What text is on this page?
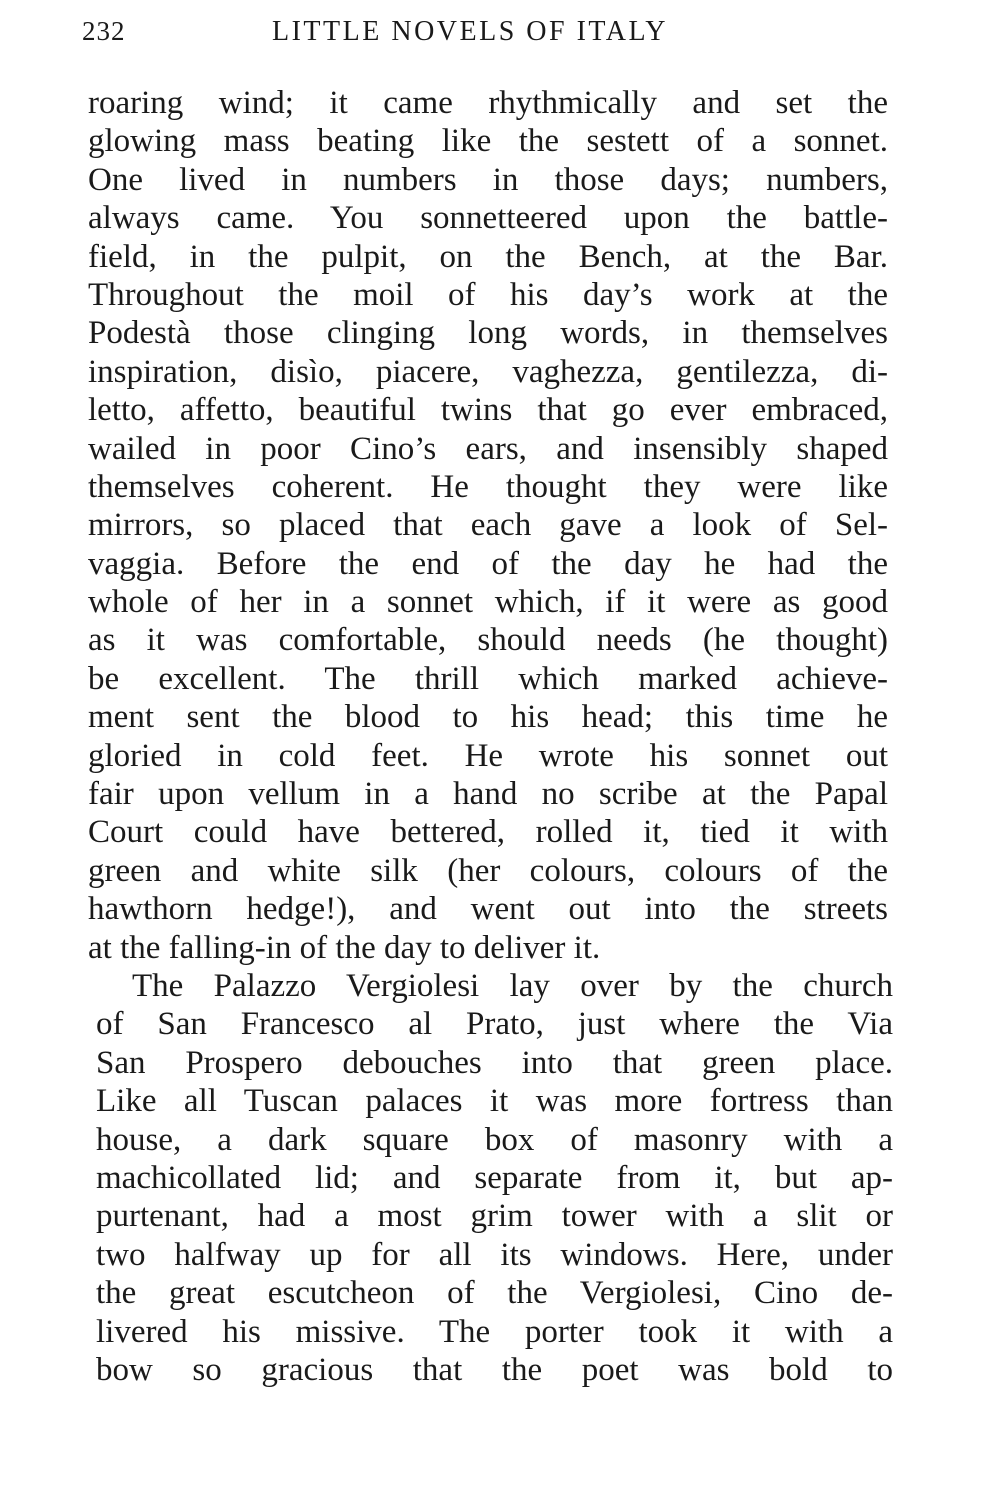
232	LITTLE NOVELS OF ITALY
roaring wind; it came rhythmically and set the
glowing mass beating like the sestett of a sonnet.
One lived in numbers in those days; numbers,
always came. You sonnetteered upon the battle-
field, in the pulpit, on the Bench, at the Bar.
Throughout the moil of his day’s work at the
Podestà those clinging long words, in themselves
inspiration, disìo, piacere, vaghezza, gentilezza, di-
letto, affetto, beautiful twins that go ever embraced,
wailed in poor Cino’s ears, and insensibly shaped
themselves coherent. He thought they were like
mirrors, so placed that each gave a look of Sel-
vaggia. Before the end of the day he had the
whole of her in a sonnet which, if it were as good
as it was comfortable, should needs (he thought)
be excellent. The thrill which marked achieve-
ment sent the blood to his head; this time he
gloried in cold feet. He wrote his sonnet out
fair upon vellum in a hand no scribe at the Papal
Court could have bettered, rolled it, tied it with
green and white silk (her colours, colours of the
hawthorn hedge!), and went out into the streets
at the falling-in of the day to deliver it.
The Palazzo Vergiolesi lay over by the church
of San Francesco al Prato, just where the Via
San Prospero debouches into that green place.
Like all Tuscan palaces it was more fortress than
house, a dark square box of masonry with a
machicollated lid; and separate from it, but ap-
purtenant, had a most grim tower with a slit or
two halfway up for all its windows. Here, under
the great escutcheon of the Vergiolesi, Cino de-
livered his missive. The porter took it with a
bow so gracious that the poet was bold to
